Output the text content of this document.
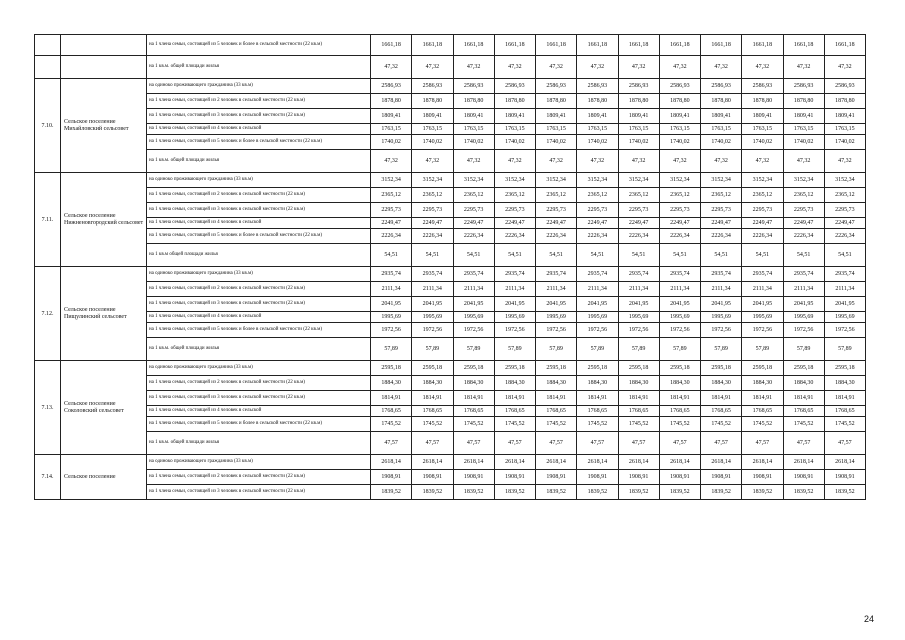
		на 1 члена семьи, состоящей из 5 человек и более в сельской местности (22 кв.м)	1661,18	1661,18	1661,18	1661,18	1661,18	1661,18	1661,18	1661,18	1661,18	1661,18	1661,18	1661,18
		на 1 кв.м. общей площади жилья	47,32	47,32	47,32	47,32	47,32	47,32	47,32	47,32	47,32	47,32	47,32	47,32
7.10.	Сельское поселение Михайловский сельсовет	на одиноко проживающего гражданина (33 кв.м)	2586,93	2586,93	2586,93	2586,93	2586,93	2586,93	2586,93	2586,93	2586,93	2586,93	2586,93	2586,93
		на 1 члена семьи, состоящей из 2 человек в сельской местности (22 кв.м)	1878,80	1878,80	1878,80	1878,80	1878,80	1878,80	1878,80	1878,80	1878,80	1878,80	1878,80	1878,80
		на 1 члена семьи, состоящей из 3 человек в сельской местности (22 кв.м)	1809,41	1809,41	1809,41	1809,41	1809,41	1809,41	1809,41	1809,41	1809,41	1809,41	1809,41	1809,41
		на 1 члена семьи, состоящей из 4 человек в сельской	1763,15	1763,15	1763,15	1763,15	1763,15	1763,15	1763,15	1763,15	1763,15	1763,15	1763,15	1763,15
		на 1 члена семьи, состоящей из 5 человек и более в сельской местности (22 кв.м)	1740,02	1740,02	1740,02	1740,02	1740,02	1740,02	1740,02	1740,02	1740,02	1740,02	1740,02	1740,02
		на 1 кв.м. общей площади жилья	47,32	47,32	47,32	47,32	47,32	47,32	47,32	47,32	47,32	47,32	47,32	47,32
7.11.	Сельское поселение Нижненовгородский сельсовет	на одиноко проживающего гражданина (33 кв.м)	3152,34	3152,34	3152,34	3152,34	3152,34	3152,34	3152,34	3152,34	3152,34	3152,34	3152,34	3152,34
		на 1 члена семьи, состоящей из 2 человек в сельской местности (22 кв.м)	2365,12	2365,12	2365,12	2365,12	2365,12	2365,12	2365,12	2365,12	2365,12	2365,12	2365,12	2365,12
		на 1 члена семьи, состоящей из 3 человек в сельской местности (22 кв.м)	2295,73	2295,73	2295,73	2295,73	2295,73	2295,73	2295,73	2295,73	2295,73	2295,73	2295,73	2295,73
		на 1 члена семьи, состоящей из 4 человек в сельской	2249,47	2249,47	2249,47	2249,47	2249,47	2249,47	2249,47	2249,47	2249,47	2249,47	2249,47	2249,47
		на 1 члена семьи, состоящей из 5 человек и более в сельской местности (22 кв.м)	2226,34	2226,34	2226,34	2226,34	2226,34	2226,34	2226,34	2226,34	2226,34	2226,34	2226,34	2226,34
		на 1 кв.м общей площади жилья	54,51	54,51	54,51	54,51	54,51	54,51	54,51	54,51	54,51	54,51	54,51	54,51
7.12.	Сельское поселение Пищулинский сельсовет	на одиноко проживающего гражданина (33 кв.м)	2935,74	2935,74	2935,74	2935,74	2935,74	2935,74	2935,74	2935,74	2935,74	2935,74	2935,74	2935,74
		на 1 члена семьи, состоящей из 2 человек в сельской местности (22 кв.м)	2111,34	2111,34	2111,34	2111,34	2111,34	2111,34	2111,34	2111,34	2111,34	2111,34	2111,34	2111,34
		на 1 члена семьи, состоящей из 3 человек в сельской местности (22 кв.м)	2041,95	2041,95	2041,95	2041,95	2041,95	2041,95	2041,95	2041,95	2041,95	2041,95	2041,95	2041,95
		на 1 члена семьи, состоящей из 4 человек в сельской	1995,69	1995,69	1995,69	1995,69	1995,69	1995,69	1995,69	1995,69	1995,69	1995,69	1995,69	1995,69
		на 1 члена семьи, состоящей из 5 человек и более в сельской местности (22 кв.м)	1972,56	1972,56	1972,56	1972,56	1972,56	1972,56	1972,56	1972,56	1972,56	1972,56	1972,56	1972,56
		на 1 кв.м. общей площади жилья	57,89	57,89	57,89	57,89	57,89	57,89	57,89	57,89	57,89	57,89	57,89	57,89
7.13.	Сельское поселение Соколовский сельсовет	на одиноко проживающего гражданина (33 кв.м)	2595,18	2595,18	2595,18	2595,18	2595,18	2595,18	2595,18	2595,18	2595,18	2595,18	2595,18	2595,18
		на 1 члена семьи, состоящей из 2 человек в сельской местности (22 кв.м)	1884,30	1884,30	1884,30	1884,30	1884,30	1884,30	1884,30	1884,30	1884,30	1884,30	1884,30	1884,30
		на 1 члена семьи, состоящей из 3 человек в сельской местности (22 кв.м)	1814,91	1814,91	1814,91	1814,91	1814,91	1814,91	1814,91	1814,91	1814,91	1814,91	1814,91	1814,91
		на 1 члена семьи, состоящей из 4 человек в сельской	1768,65	1768,65	1768,65	1768,65	1768,65	1768,65	1768,65	1768,65	1768,65	1768,65	1768,65	1768,65
		на 1 члена семьи, состоящей из 5 человек и более в сельской местности (22 кв.м)	1745,52	1745,52	1745,52	1745,52	1745,52	1745,52	1745,52	1745,52	1745,52	1745,52	1745,52	1745,52
		на 1 кв.м. общей площади жилья	47,57	47,57	47,57	47,57	47,57	47,57	47,57	47,57	47,57	47,57	47,57	47,57
7.14.	Сельское поселение	на одиноко проживающего гражданина (33 кв.м)	2618,14	2618,14	2618,14	2618,14	2618,14	2618,14	2618,14	2618,14	2618,14	2618,14	2618,14	2618,14
		на 1 члена семьи, состоящей из 2 человек в сельской местности (22 кв.м)	1908,91	1908,91	1908,91	1908,91	1908,91	1908,91	1908,91	1908,91	1908,91	1908,91	1908,91	1908,91
		на 1 члена семьи, состоящей из 3 человек в сельской местности (22 кв.м)	1839,52	1839,52	1839,52	1839,52	1839,52	1839,52	1839,52	1839,52	1839,52	1839,52	1839,52	1839,52
24
